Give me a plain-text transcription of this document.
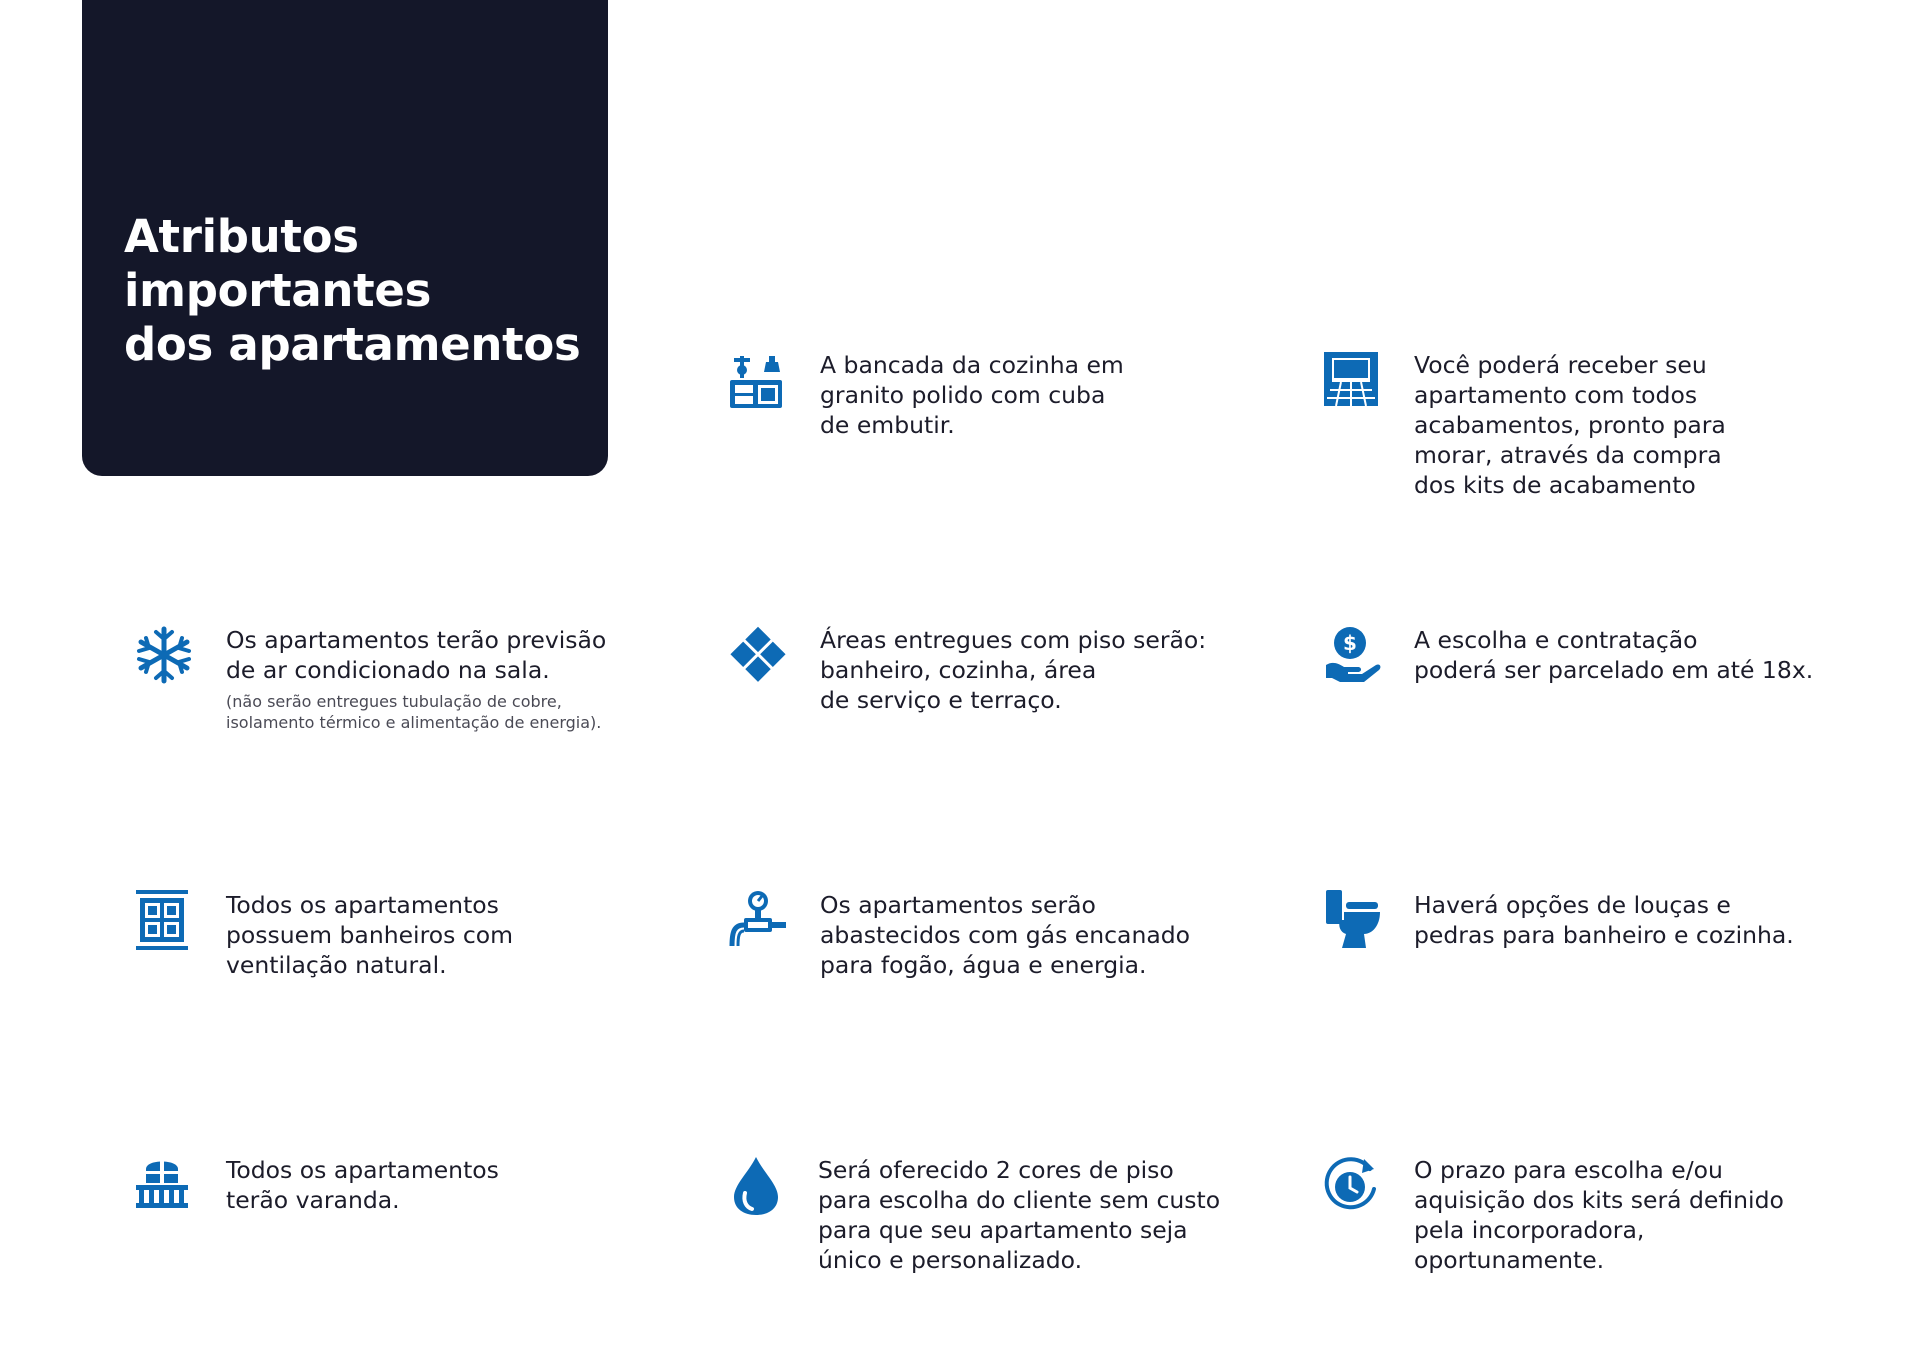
Atributos
importantes
dos apartamentos	A bancada da cozinha em
granito polido com cuba
de embutir.
Você poderá receber seu
apartamento com todos
acabamentos, pronto para
morar, através da compra
dos kits de acabamento
Os apartamentos terão previsão
de ar condicionado na sala.
(não serão entregues tubulação de cobre,
isolamento térmico e alimentação de energia).
Áreas entregues com piso serão:
banheiro, cozinha, área
de serviço e terraço.
$ A escolha e contratação
poderá ser parcelado em até 18x.
Todos os apartamentos
possuem banheiros com
ventilação natural.
Os apartamentos serão
abastecidos com gás encanado
para fogão, água e energia.
Haverá opções de louças e
pedras para banheiro e cozinha.
Todos os apartamentos
terão varanda.
Será oferecido 2 cores de piso
para escolha do cliente sem custo
para que seu apartamento seja
único e personalizado.
O prazo para escolha e/ou
aquisição dos kits será definido
pela incorporadora,
oportunamente.
